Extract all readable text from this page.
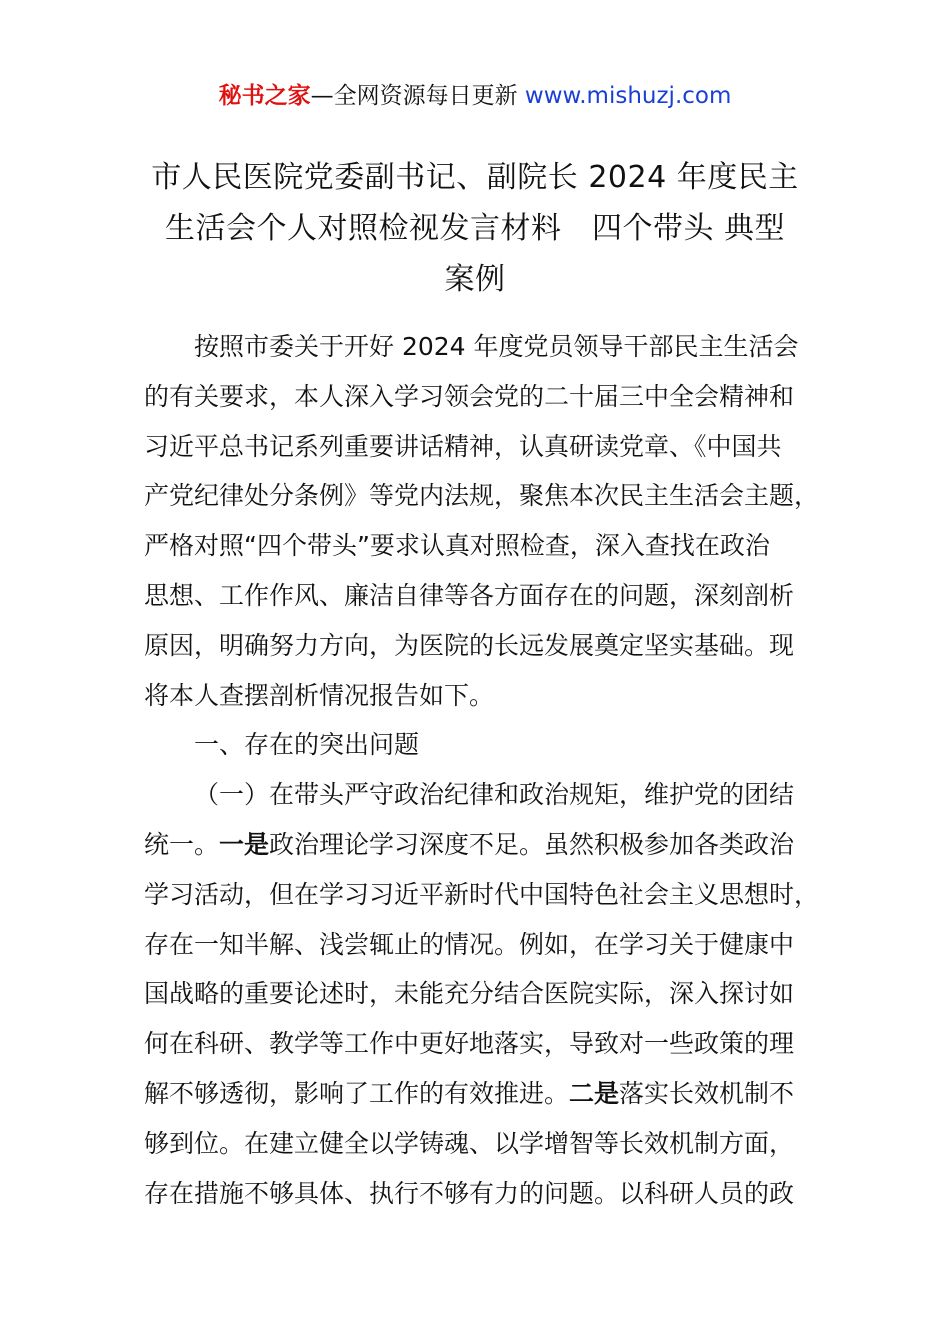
秘书之家—全网资源每日更新 www.mishuzj.com
市人民医院党委副书记、副院长 2024 年度民主
生活会个人对照检视发言材料　四个带头 典型
案例
按照市委关于开好 2024 年度党员领导干部民主生活会
的有关要求，本人深入学习领会党的二十届三中全会精神和
习近平总书记系列重要讲话精神，认真研读党章、《中国共
产党纪律处分条例》等党内法规，聚焦本次民主生活会主题，
严格对照“四个带头”要求认真对照检查，深入查找在政治
思想、工作作风、廉洁自律等各方面存在的问题，深刻剖析
原因，明确努力方向，为医院的长远发展奠定坚实基础。现
将本人查摆剖析情况报告如下。
一、存在的突出问题
（一）在带头严守政治纪律和政治规矩，维护党的团结
统一。一是政治理论学习深度不足。虽然积极参加各类政治
学习活动，但在学习习近平新时代中国特色社会主义思想时，
存在一知半解、浅尝辄止的情况。例如，在学习关于健康中
国战略的重要论述时，未能充分结合医院实际，深入探讨如
何在科研、教学等工作中更好地落实，导致对一些政策的理
解不够透彻，影响了工作的有效推进。二是落实长效机制不
够到位。在建立健全以学铸魂、以学增智等长效机制方面，
存在措施不够具体、执行不够有力的问题。以科研人员的政
